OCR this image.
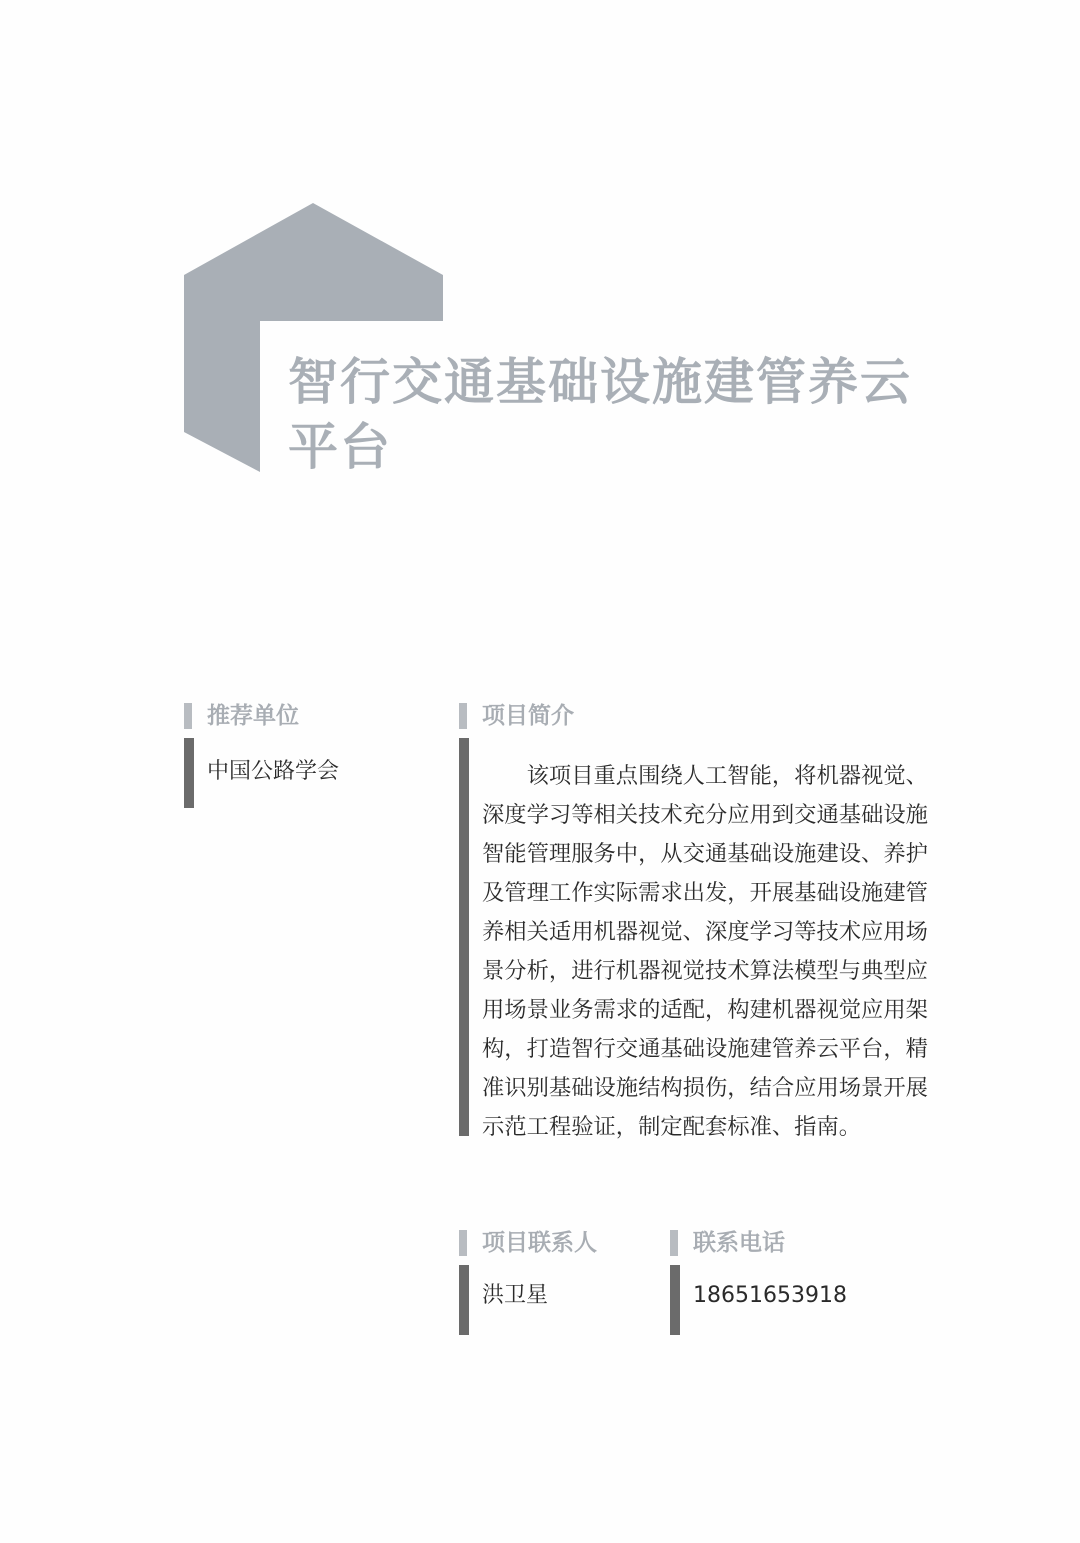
智行交通基础设施建管养云
平台
推荐单位
中国公路学会
项目简介
　　该项目重点围绕人工智能，将机器视觉、
深度学习等相关技术充分应用到交通基础设施
智能管理服务中，从交通基础设施建设、养护
及管理工作实际需求出发，开展基础设施建管
养相关适用机器视觉、深度学习等技术应用场
景分析，进行机器视觉技术算法模型与典型应
用场景业务需求的适配，构建机器视觉应用架
构，打造智行交通基础设施建管养云平台，精
准识别基础设施结构损伤，结合应用场景开展
示范工程验证，制定配套标准、指南。
项目联系人
洪卫星
联系电话
18651653918
